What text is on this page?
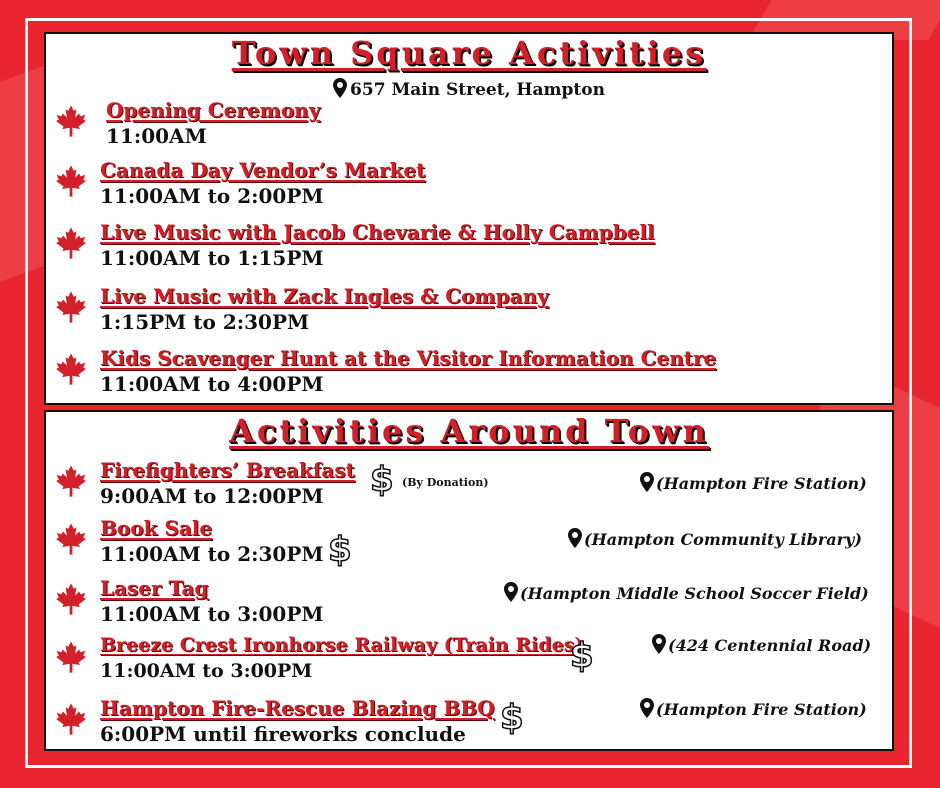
Town Square Activities
657 Main Street, Hampton
Opening Ceremony
11:00AM
Canada Day Vendor’s Market
11:00AM to 2:00PM
Live Music with Jacob Chevarie & Holly Campbell
11:00AM to 1:15PM
Live Music with Zack Ingles & Company
1:15PM to 2:30PM
Kids Scavenger Hunt at the Visitor Information Centre
11:00AM to 4:00PM
Activities Around Town
Firefighters’ Breakfast
9:00AM to 12:00PM $ (By Donation)	(Hampton Fire Station)
Book Sale
11:00AM to 2:30PM $	(Hampton Community Library)
Laser Tag
11:00AM to 3:00PM
(Hampton Middle School Soccer Field)
Breeze Crest Ironhorse Railway (Train Rides)
11:00AM to 3:00PM	$	(424 Centennial Road)
Hampton Fire-Rescue Blazing BBQ
6:00PM until fireworks conclude $	(Hampton Fire Station)
